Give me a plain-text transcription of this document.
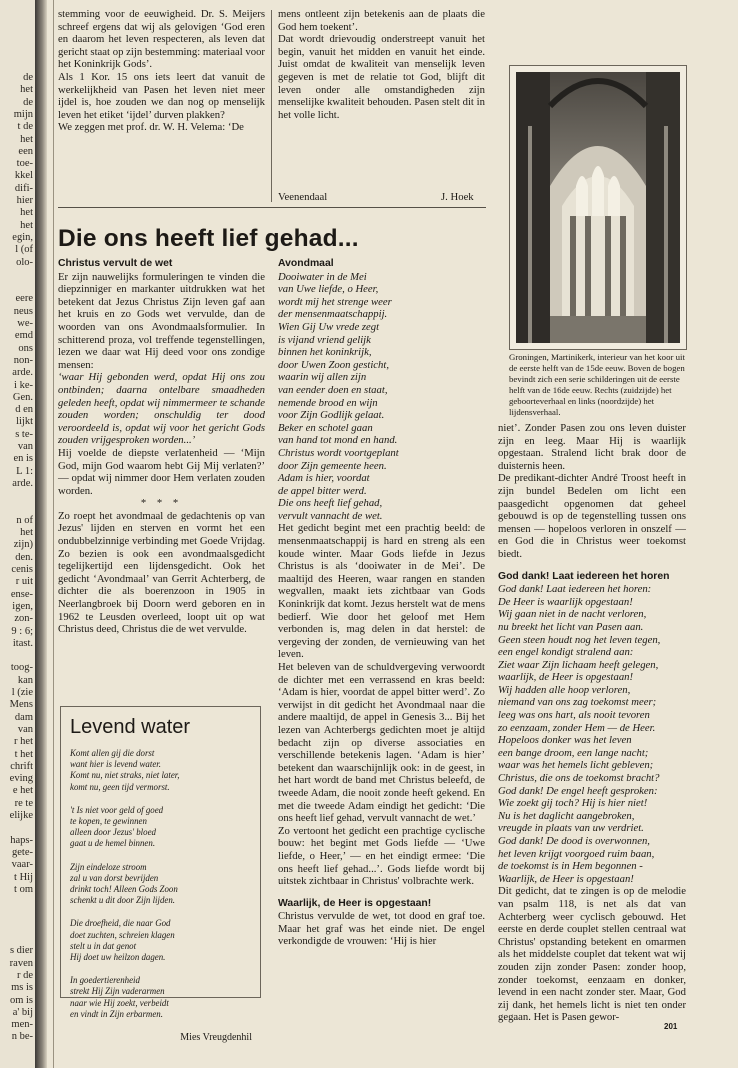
de
het
de
mijn
t de
het
een
toe-
kkel
difi-
hier
het
het
egin,
l (of
olo-
eere
neus
we-
emd
ons
non-
arde.
i ke-
Gen.
d en
lijkt
s te-
van
en is
L 1:
arde.
n of
het
zijn)
den.
cenis
r uit
ense-
igen,
zon-
9 : 6;
itast.
toog-
kan
l (zie
Mens
dam
van
r het
t het
chrift
eving
e het
re te
elijke
haps-
gete-
vaar-
t Hij
t om
s dier
raven
r de
ms is
om is
a' bij
men-
n be-
stemming voor de eeuwigheid. Dr. S. Meijers schreef ergens dat wij als gelovigen ‘God eren en daarom het leven respecteren, als leven dat gericht staat op zijn bestemming: materiaal voor het Koninkrijk Gods’.
Als 1 Kor. 15 ons iets leert dat vanuit de werkelijkheid van Pasen het leven niet meer ijdel is, hoe zouden we dan nog op menselijk leven het etiket ‘ijdel’ durven plakken?
We zeggen met prof. dr. W. H. Velema: ‘De
mens ontleent zijn betekenis aan de plaats die God hem toekent’.
Dat wordt drievoudig onderstreept vanuit het begin, vanuit het midden en vanuit het einde. Juist omdat de kwaliteit van menselijk leven gegeven is met de relatie tot God, blijft dit leven onder alle omstandigheden zijn menselijke kwaliteit behouden. Pasen stelt dit in het volle licht.
Veenendaal	J. Hoek
Die ons heeft lief gehad...

Christus vervult de wet

Er zijn nauwelijks formuleringen te vinden die diepzinniger en markanter uitdrukken wat het betekent dat Jezus Christus Zijn leven gaf aan het kruis en zo Gods wet vervulde, dan de woorden van ons Avondmaalsformulier. In schitterend proza, vol treffende tegenstellingen, lezen we daar wat Hij deed voor ons zondige mensen:

‘waar Hij gebonden werd, opdat Hij ons zou ontbinden; daarna ontelbare smaadheden geleden heeft, opdat wij nimmermeer te schande zouden worden; onschuldig ter dood veroordeeld is, opdat wij voor het gericht Gods zouden vrijgesproken worden...’

Hij voelde de diepste verlatenheid — ‘Mijn God, mijn God waarom hebt Gij Mij verlaten?’ — opdat wij nimmer door Hem verlaten zouden worden.

* * *

Zo roept het avondmaal de gedachtenis op van Jezus' lijden en sterven en vormt het een ondubbelzinnige verbinding met Goede Vrijdag. Zo bezien is ook een avondmaalsgedicht tegelijkertijd een lijdensgedicht. Ook het gedicht ‘Avondmaal’ van Gerrit Achterberg, de dichter die als boerenzoon in 1905 in Neerlangbroek bij Doorn werd geboren en in 1962 te Leusden overleed, loopt uit op wat Christus deed, Christus die de wet vervulde.

Levend water

Komt allen gij die dorst
want hier is levend water.
Komt nu, niet straks, niet later,
komt nu, geen tijd vermorst.

't Is niet voor geld of goed
te kopen, te gewinnen
alleen door Jezus' bloed
gaat u de hemel binnen.

Zijn eindeloze stroom
zal u van dorst bevrijden
drinkt toch! Alleen Gods Zoon
schenkt u dit door Zijn lijden.

Die droefheid, die naar God
doet zuchten, schreien klagen
stelt u in dat genot
Hij doet uw heilzon dagen.

In goedertierenheid
strekt Hij Zijn vaderarmen
naar wie Hij zoekt, verbeidt
en vindt in Zijn erbarmen.

Mies Vreugdenhil

Avondmaal

Dooiwater in de Mei
van Uwe liefde, o Heer,
wordt mij het strenge weer
der mensenmaatschappij.

Wien Gij Uw vrede zegt
is vijand vriend gelijk
binnen het koninkrijk,
door Uwen Zoon gesticht,

waarin wij allen zijn
van eender doen en staat,
nemende brood en wijn
voor Zijn Godlijk gelaat.

Beker en schotel gaan
van hand tot mond en hand.
Christus wordt voortgeplant
door Zijn gemeente heen.

Adam is hier, voordat
de appel bitter werd.
Die ons heeft lief gehad,
vervult vannacht de wet.

Het gedicht begint met een prachtig beeld: de mensenmaatschappij is hard en streng als een koude winter. Maar Gods liefde in Jezus Christus is als ‘dooiwater in de Mei’. De maaltijd des Heeren, waar rangen en standen wegvallen, maakt iets zichtbaar van Gods Koninkrijk dat komt. Jezus herstelt wat de mens bedierf. Wie door het geloof met Hem verbonden is, mag delen in dat herstel: de vergeving der zonden, de vernieuwing van het leven.

Het beleven van de schuldvergeving verwoordt de dichter met een verrassend en kras beeld: ‘Adam is hier, voordat de appel bitter werd’. Zo verwijst in dit gedicht het Avondmaal naar die andere maaltijd, de appel in Genesis 3... Bij het lezen van Achterbergs gedichten moet je altijd bedacht zijn op diverse associaties en verschillende betekenis lagen. ‘Adam is hier’ betekent dan waarschijnlijk ook: in de geest, in het hart wordt de band met Christus beleefd, de tweede Adam, die nooit zonde heeft gekend. En met die tweede Adam eindigt het gedicht: ‘Die ons heeft lief gehad, vervult vannacht de wet.’

Zo vertoont het gedicht een prachtige cyclische bouw: het begint met Gods liefde — ‘Uwe liefde, o Heer,’ — en het eindigt ermee: ‘Die ons heeft lief gehad...’. Gods liefde wordt bij uitstek zichtbaar in Christus' volbrachte werk.

Waarlijk, de Heer is opgestaan!

Christus vervulde de wet, tot dood en graf toe. Maar het graf was het einde niet. De engel verkondigde de vrouwen: ‘Hij is hier

Groningen, Martinikerk, interieur van het koor uit de eerste helft van de 15de eeuw. Boven de bogen bevindt zich een serie schilderingen uit de eerste helft van de 16de eeuw. Rechts (zuidzijde) het geboorteverhaal en links (noordzijde) het lijdensverhaal.

niet’. Zonder Pasen zou ons leven duister zijn en leeg. Maar Hij is waarlijk opgestaan. Stralend licht brak door de duisternis heen.

De predikant-dichter André Troost heeft in zijn bundel Bedelen om licht een paasgedicht opgenomen dat geheel gebouwd is op de tegenstelling tussen ons mensen — hopeloos verloren in onszelf — en God die in Christus weer toekomst biedt.

God dank! Laat iedereen het horen

God dank! Laat iedereen het horen:
De Heer is waarlijk opgestaan!
Wij gaan niet in de nacht verloren,
nu breekt het licht van Pasen aan.
Geen steen houdt nog het leven tegen,
een engel kondigt stralend aan:
Ziet waar Zijn lichaam heeft gelegen,
waarlijk, de Heer is opgestaan!

Wij hadden alle hoop verloren,
niemand van ons zag toekomst meer;
leeg was ons hart, als nooit tevoren
zo eenzaam, zonder Hem — de Heer.
Hopeloos donker was het leven
een bange droom, een lange nacht;
waar was het hemels licht gebleven;
Christus, die ons de toekomst bracht?

God dank! De engel heeft gesproken:
Wie zoekt gij toch? Hij is hier niet!
Nu is het daglicht aangebroken,
vreugde in plaats van uw verdriet.
God dank! De dood is overwonnen,
het leven krijgt voorgoed ruim baan,
de toekomst is in Hem begonnen -
Waarlijk, de Heer is opgestaan!

Dit gedicht, dat te zingen is op de melodie van psalm 118, is net als dat van Achterberg weer cyclisch gebouwd. Het eerste en derde couplet stellen centraal wat Christus' opstanding betekent en omarmen als het middelste couplet dat tekent wat wij zouden zijn zonder Pasen: zonder hoop, zonder toekomst, eenzaam en donker, levend in een nacht zonder ster. Maar, God zij dank, het hemels licht is niet ten onder gegaan. Het is Pasen gewor-

201
